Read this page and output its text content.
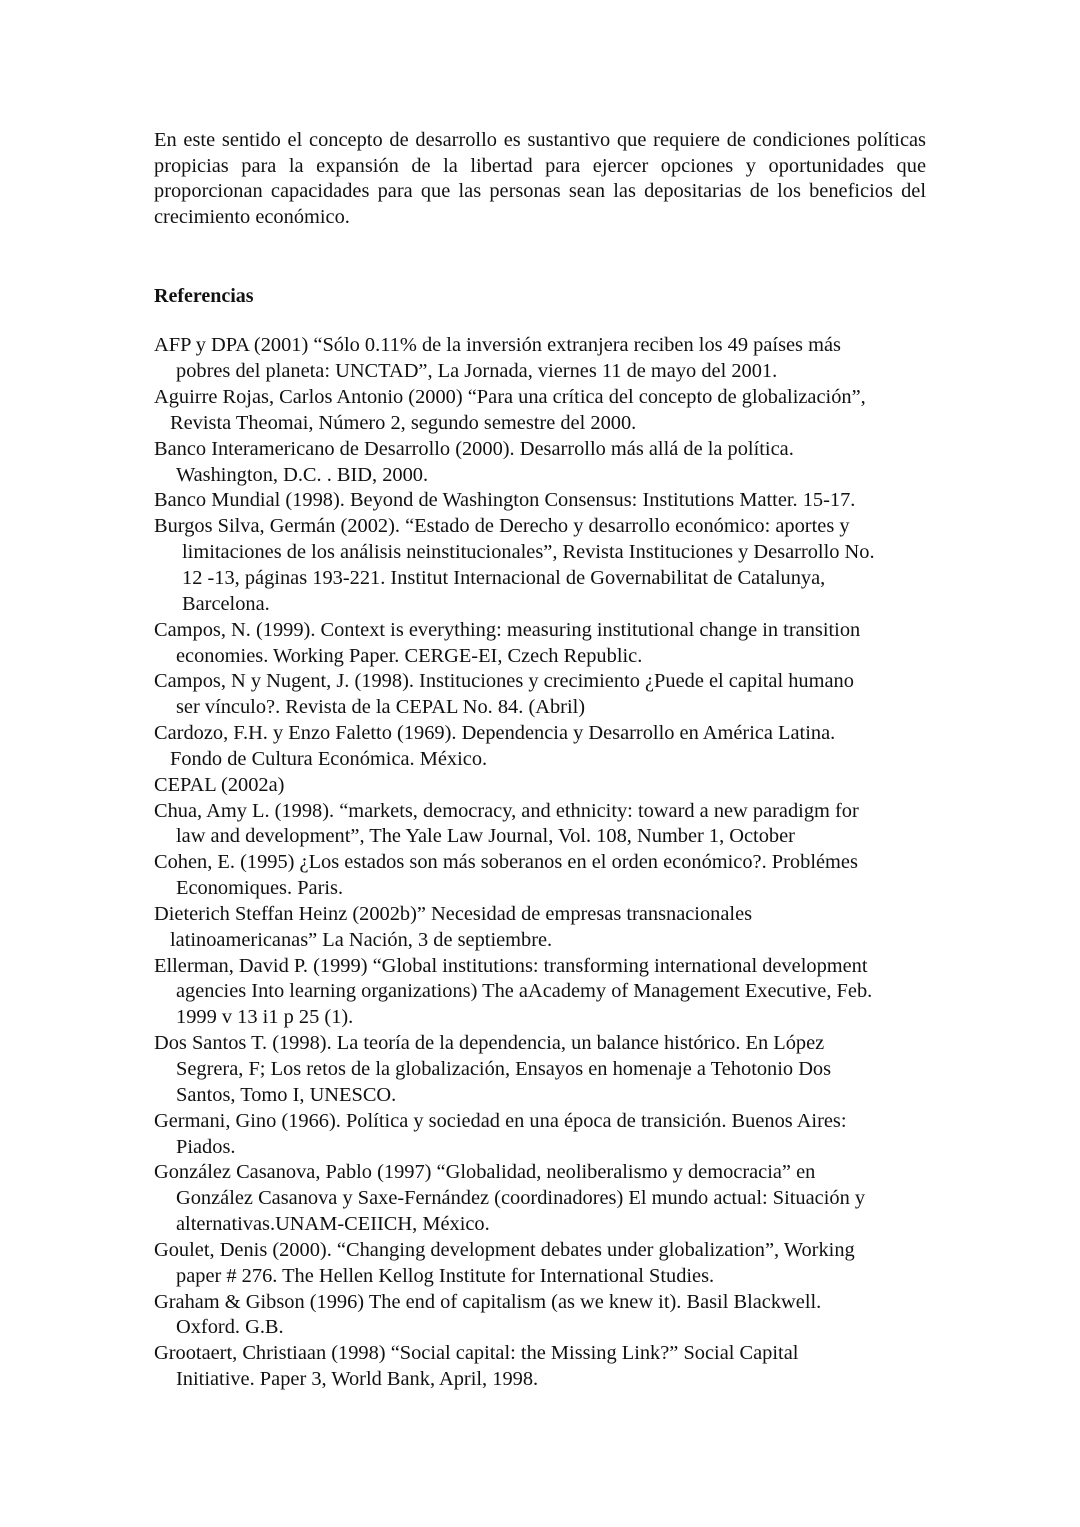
En este sentido el concepto de desarrollo es sustantivo que requiere de condiciones políticas propicias para la expansión de la libertad para ejercer opciones y oportunidades que proporcionan capacidades para que las personas sean las depositarias de los beneficios del crecimiento económico.

Referencias
AFP y DPA (2001) “Sólo 0.11% de la inversión extranjera reciben los 49 países más
pobres del planeta: UNCTAD”, La Jornada, viernes 11 de mayo del 2001.
Aguirre Rojas, Carlos Antonio (2000) “Para una crítica del concepto de globalización”,
Revista Theomai, Número 2, segundo semestre del 2000.
Banco Interamericano de Desarrollo (2000). Desarrollo más allá de la política.
Washington, D.C. . BID, 2000.
Banco Mundial (1998). Beyond de Washington Consensus: Institutions Matter. 15-17.
Burgos Silva, Germán (2002). “Estado de Derecho y desarrollo económico: aportes y
limitaciones de los análisis neinstitucionales”, Revista Instituciones y Desarrollo No.
12 -13, páginas 193-221. Institut Internacional de Governabilitat de Catalunya,
Barcelona.
Campos, N. (1999). Context is everything: measuring institutional change in transition
economies. Working Paper. CERGE-EI, Czech Republic.
Campos, N y Nugent, J. (1998). Instituciones y crecimiento ¿Puede el capital humano
ser vínculo?. Revista de la CEPAL No. 84. (Abril)
Cardozo, F.H. y Enzo Faletto (1969). Dependencia y Desarrollo en América Latina.
Fondo de Cultura Económica. México.
CEPAL (2002a)
Chua, Amy L. (1998). “markets, democracy, and ethnicity: toward a new paradigm for
law and development”, The Yale Law Journal, Vol. 108, Number 1, October
Cohen, E. (1995) ¿Los estados son más soberanos en el orden económico?. Problémes
Economiques. Paris.
Dieterich Steffan Heinz (2002b)” Necesidad de empresas transnacionales
latinoamericanas” La Nación, 3 de septiembre.
Ellerman, David P. (1999) “Global institutions: transforming international development
agencies Into learning organizations) The aAcademy of Management Executive, Feb.
1999 v 13 i1 p 25 (1).
Dos Santos T. (1998). La teoría de la dependencia, un balance histórico. En López
Segrera, F; Los retos de la globalización, Ensayos en homenaje a Tehotonio Dos
Santos, Tomo I, UNESCO.
Germani, Gino (1966). Política y sociedad en una época de transición. Buenos Aires:
Piados.
González Casanova, Pablo (1997) “Globalidad, neoliberalismo y democracia” en
González Casanova y Saxe-Fernández (coordinadores) El mundo actual: Situación y
alternativas.UNAM-CEIICH, México.
Goulet, Denis (2000). “Changing development debates under globalization”, Working
paper # 276. The Hellen Kellog Institute for International Studies.
Graham & Gibson (1996) The end of capitalism (as we knew it). Basil Blackwell.
Oxford. G.B.
Grootaert, Christiaan (1998) “Social capital: the Missing Link?” Social Capital
Initiative. Paper 3, World Bank, April, 1998.
